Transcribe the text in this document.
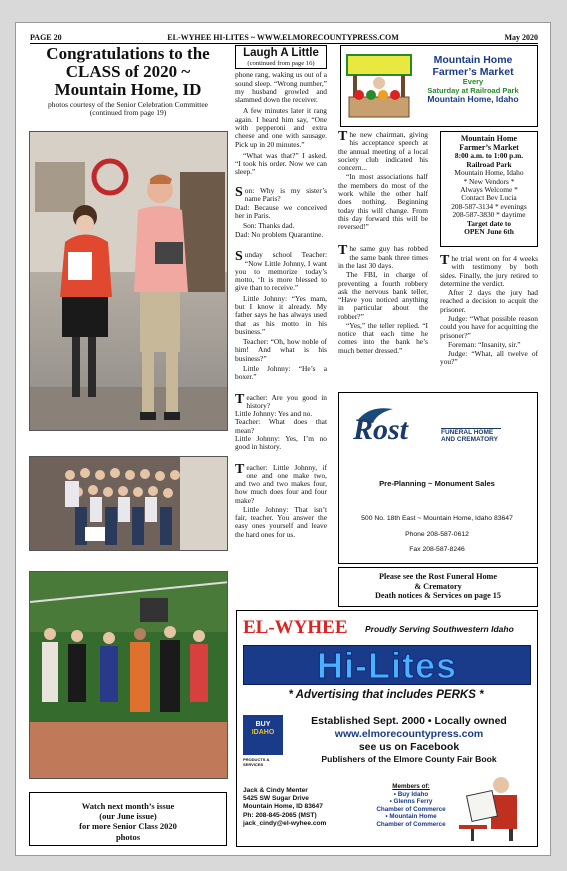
PAGE 20	EL-WYHEE HI-LITES ~ WWW.ELMORECOUNTYPRESS.COM	May 2020
Congratulations to the
CLASS of 2020 ~
Mountain Home, ID
photos courtesy of the Senior Celebration Committee
(continued from page 19)
Watch next month’s issue
(our June issue)
for more Senior Class 2020
photos
Laugh A Little
(continued from page 16)

phone rang, waking us out of a sound sleep. “Wrong number,” my husband growled and slammed down the receiver.

A few minutes later it rang again. I heard him say, “One with pepperoni and extra cheese and one with sausage. Pick up in 20 minutes.”

“What was that?” I asked. “I took his order. Now we can sleep.”

Son: Why is my sister’s name Paris?

Dad: Because we conceived her in Paris.

Son: Thanks dad.

Dad: No problem Quarantine.

Sunday school Teacher: “Now Little Johnny, I want you to memorize today’s motto, ‘It is more blessed to give than to receive.”

Little Johnny: “Yes mam, but I know it already. My father says he has always used that as his motto in his business.”

Teacher: “Oh, how noble of him! And what is his business?”

Little Johnny: “He’s a boxer.”

Teacher: Are you good in history?

Little Johnny: Yes and no.

Teacher: What does that mean?

Little Johnny: Yes, I’m no good in history.

Teacher: Little Johnny, if one and one make two, and two and two makes four, how much does four and four make?

Little Johnny: That isn’t fair, teacher. You answer the easy ones yourself and leave the hard ones for us.

The new chairman, giving his acceptance speech at the annual meeting of a local society club indicated his concern...

“In most associations half the members do most of the work while the other half does nothing. Beginning today this will change. From this day forward this will be reversed!”

The same guy has robbed the same bank three times in the last 30 days.

The FBI, in charge of preventing a fourth robbery ask the nervous bank teller, “Have you noticed anything in particular about the robber?”

“Yes,” the teller replied. “I notice that each time he comes into the bank he’s much better dressed.”

The trial went on for 4 weeks with testimony by both sides. Finally, the jury retired to determine the verdict.

After 2 days the jury had reached a decision to acquit the prisoner.

Judge: “What possible reason could you have for acquitting the prisoner?”

Foreman: “Insanity, sir.”

Judge: “What, all twelve of you?”

Mountain Home
Farmer’s Market
Every
Saturday at Railroad Park
Mountain Home, Idaho
Mountain Home
Farmer’s Market
8:00 a.m. to 1:00 p.m.
Railroad Park
Mountain Home, Idaho
* New Vendors *
Always Welcome *
Contact Bev Lucia
208-587-3134 * evenings
208-587-3830 * daytime
Target date to
OPEN June 6th
Rost	FUNERAL HOME
AND CREMATORY
Pre-Planning ~ Monument Sales
500 No. 18th East ~ Mountain Home, Idaho 83647
Phone 208-587-0612
Fax 208-587-8246
Please see the Rost Funeral Home
& Crematory
Death notices & Services on page 15
EL-WYHEE Proudly Serving Southwestern Idaho
Hi-Lites
* Advertising that includes PERKS *
BUY
IDAHO
PRODUCTS & SERVICES
Established Sept. 2000 • Locally owned
www.elmorecountypress.com
see us on Facebook
Publishers of the Elmore County Fair Book
Jack & Cindy Menter
5425 SW Sugar Drive
Mountain Home, ID 83647
Ph: 208-845-2065 (MST)
jack_cindy@el-wyhee.com
Members of:
• Buy Idaho
• Glenns Ferry
Chamber of Commerce
• Mountain Home
Chamber of Commerce
